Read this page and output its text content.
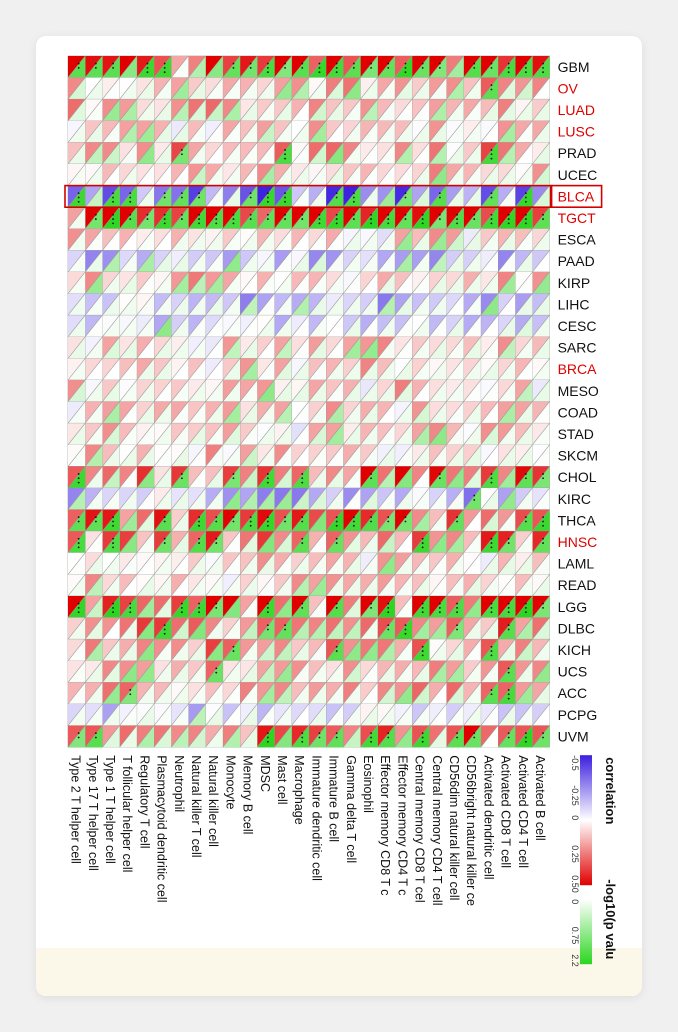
GBM
OV
LUAD
LUSC
PRAD
UCEC
BLCA
TGCT
ESCA
PAAD
KIRP
LIHC
CESC
SARC
BRCA
MESO
COAD
STAD
SKCM
CHOL
KIRC
THCA
HNSC
LAML
READ
LGG
DLBC
KICH
UCS
ACC
PCPG
UVM
Activated B cell
Activated CD4 T cell
Activated CD8 T cell
Activated dendritic cell
CD56bright natural killer ce
CD56dim natural killer cell
Central memory CD4 T cell
Central memory CD8 T cel
Effector memory CD4 T c
Effector memory CD8 T c
Eosinophil
Gamma delta T cell
Immature B cell
Immature dendritic cell
Macrophage
Mast cell
MDSC
Memory B cell
Monocyte
Natural killer cell
Natural killer T cell
Neutrophil
Plasmacytoid dendritic cell
Regulatory T cell
T follicular helper cell
Type 1 T helper cell
Type 17 T helper cell
Type 2 T helper cell	correlation
-0.5
-0.25
0
0.25
0.50 -log10(p valu
0
0.75
2.2
